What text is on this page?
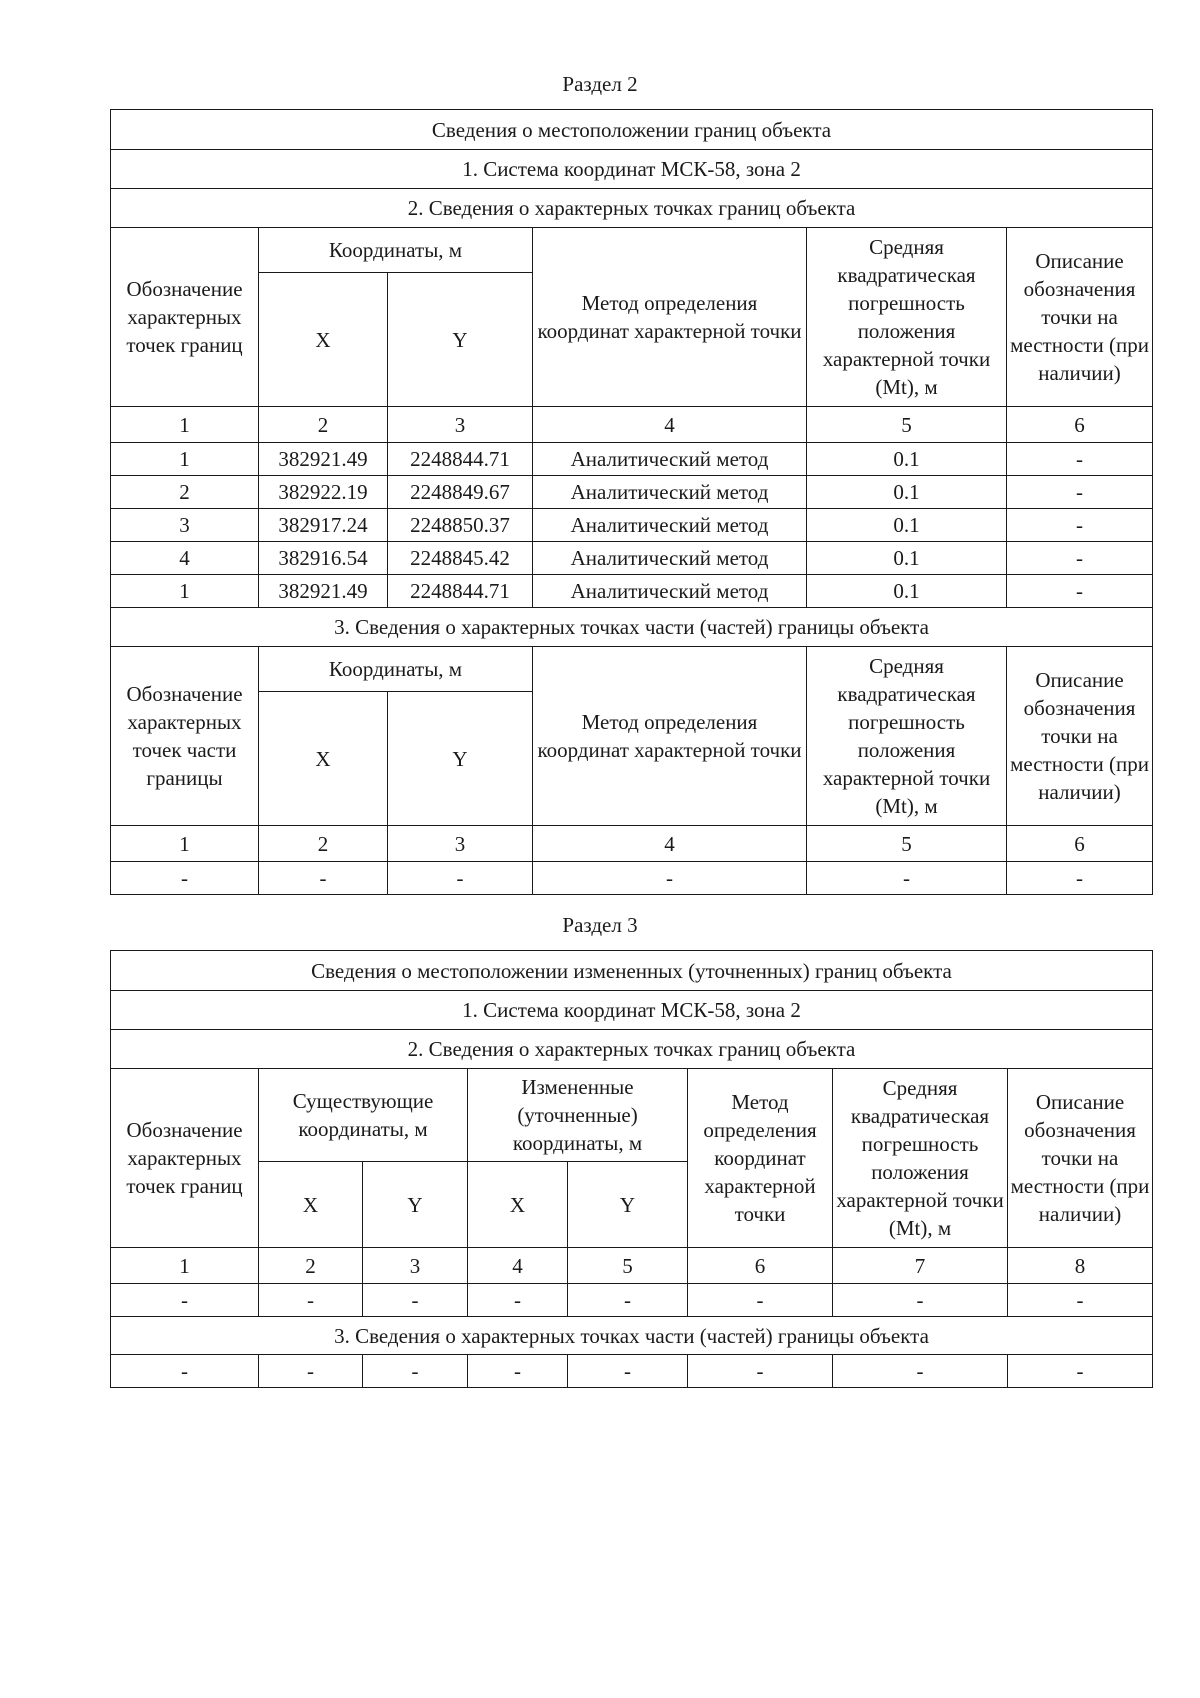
Раздел 2
Сведения о местоположении границ объекта					
1. Система координат МСК-58, зона 2					
2. Сведения о характерных точках границ объекта					
Обозначение характерных точек границ	Координаты, м		Метод определения координат характерной точки	Средняя квадратическая погрешность положения характерной точки (Mt), м	Описание обозначения точки на местности (при наличии)
	X	Y			
1	2	3	4	5	6
1	382921.49	2248844.71	Аналитический метод	0.1	-
2	382922.19	2248849.67	Аналитический метод	0.1	-
3	382917.24	2248850.37	Аналитический метод	0.1	-
4	382916.54	2248845.42	Аналитический метод	0.1	-
1	382921.49	2248844.71	Аналитический метод	0.1	-
3. Сведения о характерных точках части (частей) границы объекта					
Обозначение характерных точек части границы	Координаты, м		Метод определения координат характерной точки	Средняя квадратическая погрешность положения характерной точки (Mt), м	Описание обозначения точки на местности (при наличии)
	X	Y			
1	2	3	4	5	6
-	-	-	-	-	-
Раздел 3
Сведения о местоположении измененных (уточненных) границ объекта							
1. Система координат МСК-58, зона 2							
2. Сведения о характерных точках границ объекта							
Обозначение характерных точек границ	Существующие координаты, м		Измененные (уточненные) координаты, м		Метод определения координат характерной точки	Средняя квадратическая погрешность положения характерной точки (Mt), м	Описание обозначения точки на местности (при наличии)
	X	Y	X	Y			
1	2	3	4	5	6	7	8
-	-	-	-	-	-	-	-
3. Сведения о характерных точках части (частей) границы объекта							
-	-	-	-	-	-	-	-
